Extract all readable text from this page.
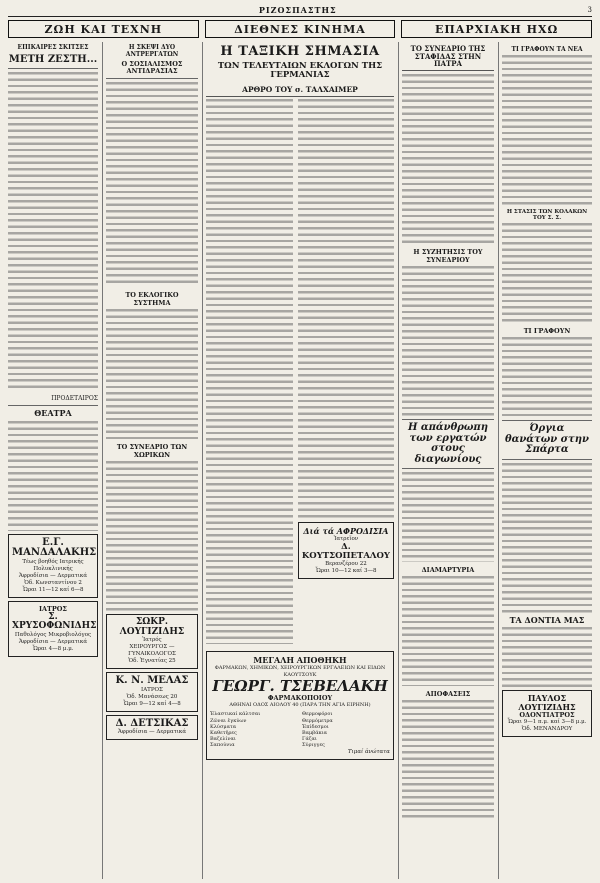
ΡΙΖΟΣΠΑΣΤΗΣ	3
ΖΩΗ ΚΑΙ ΤΕΧΝΗ	ΔΙΕΘΝΕΣ ΚΙΝΗΜΑ	ΕΠΑΡΧΙΑΚΗ ΗΧΩ
ΕΠΙΚΑΙΡΕΣ ΣΚΙΤΣΕΣ
ΜΕΤΗ ΖΕΣΤΗ...

ΠΡΟΔΕΤΑΙΡΟΣ
ΘΕΑΤΡΑ

Ε.Γ. ΜΑΝΔΑΛΑΚΗΣ
Τέως βοηθός Ιατρικής Πολυκλινικής
Ἀφροδίσια — Δερματικά
Ὁδ. Κωνσταντίνου 2
Ὧραι 11—12 καί 6—8
ΙΑΤΡΟΣ
Σ. ΧΡΥΣΟΦΩΝΙΔΗΣ
Παθολόγος Μικροβιολόγος
Ἀφροδίσια — Δερματικά
Ὧραι 4—8 μ.μ.
Η ΣΚΕΨΙ ΔΥΟ ΑΝΤΡΕΡΓΑΤΩΝ
Ο ΣΟΣΙΑΛΙΣΜΟΣ ΑΝΤΙΔΡΑΣΙΑΣ

ΤΟ ΕΚΛΟΓΙΚΟ ΣΥΣΤΗΜΑ

ΤΟ ΣΥΝΕΔΡΙΟ ΤΩΝ ΧΩΡΙΚΩΝ

ΣΩΚΡ. ΛΟΥΓΙΖΙΔΗΣ
Ἰατρός
ΧΕΙΡΟΥΡΓΟΣ — ΓΥΝΑΙΚΟΛΟΓΟΣ
Ὁδ. Ἐγνατίας 25
Κ. Ν. ΜΕΛΑΣ
ΙΑΤΡΟΣ
Ὁδ. Μανάσεως 20
Ὧραι 9—12 καί 4—8
Δ. ΔΕΤΣΙΚΑΣ
Ἀφροδίσια — Δερματικά
Η ΤΑΞΙΚΗ ΣΗΜΑΣΙΑ
ΤΩΝ ΤΕΛΕΥΤΑΙΩΝ ΕΚΛΟΓΩΝ ΤΗΣ ΓΕΡΜΑΝΙΑΣ
ΑΡΘΡΟ ΤΟΥ σ. ΤΑΛΧΑΙΜΕΡ

Διά τά ΑΦΡΟΔΙΣΙΑ
Ἰατρεῖον
Δ. ΚΟΥΤΣΟΠΕΤΑΛΟΥ
Βερανζέρου 22
Ὧραι 10—12 καί 3—8
ΜΕΓΑΛΗ ΑΠΟΘΗΚΗ
ΦΑΡΜΑΚΩΝ, ΧΗΜΙΚΩΝ, ΧΕΙΡΟΥΡΓΙΚΩΝ ΕΡΓΑΛΕΙΩΝ ΚΑΙ ΕΙΔΩΝ ΚΑΟΥΤΣΟΥΚ
ΓΕΩΡΓ. ΤΣΕΒΕΛΑΚΗ
ΦΑΡΜΑΚΟΠΟΙΟΥ
ΑΘΗΝΑΙ ΟΔΟΣ ΑΙΟΛΟΥ 40 (ΠΑΡΑ ΤΗΝ ΑΓΙΑ ΕΙΡΗΝΗ)
Ἐλαστικαί κάλτσαι
Ζῶναι ἐγκύων
Κλύσματα
Καθετῆρες
Βαζελίναι
Σαπούνια
Θερμοφόροι
Θερμόμετρα
Ἐπίδεσμοι
Βαμβάκια
Γάζαι
Σύριγγες
Τιμαί ἀνώτατα
ΤΟ ΣΥΝΕΔΡΙΟ ΤΗΣ ΣΤΑΦΙΔΑΣ ΣΤΗΝ ΠΑΤΡΑ

Η ΣΥΖΗΤΗΣΙΣ ΤΟΥ ΣΥΝΕΔΡΙΟΥ

Η απάνθρωπη των εργατών στους διαγωνίους

ΔΙΑΜΑΡΤΥΡΙΑ

ΑΠΟΦΑΣΕΙΣ

ΤΙ ΓΡΑΦΟΥΝ ΤΑ ΝΕΑ

Η ΣΤΑΣΙΣ ΤΩΝ ΚΟΛΑΚΩΝ ΤΟΥ Σ. Σ.

ΤΙ ΓΡΑΦΟΥΝ

Όργια θανάτων στην Σπάρτα

ΤΑ ΔΟΝΤΙΑ ΜΑΣ

ΠΑΥΛΟΣ ΛΟΥΓΙΖΙΔΗΣ
ΟΔΟΝΤΙΑΤΡΟΣ
Ὧραι 9—1 π.μ. καί 3—8 μ.μ.
Ὁδ. ΜΕΝΑΝΔΡΟΥ
